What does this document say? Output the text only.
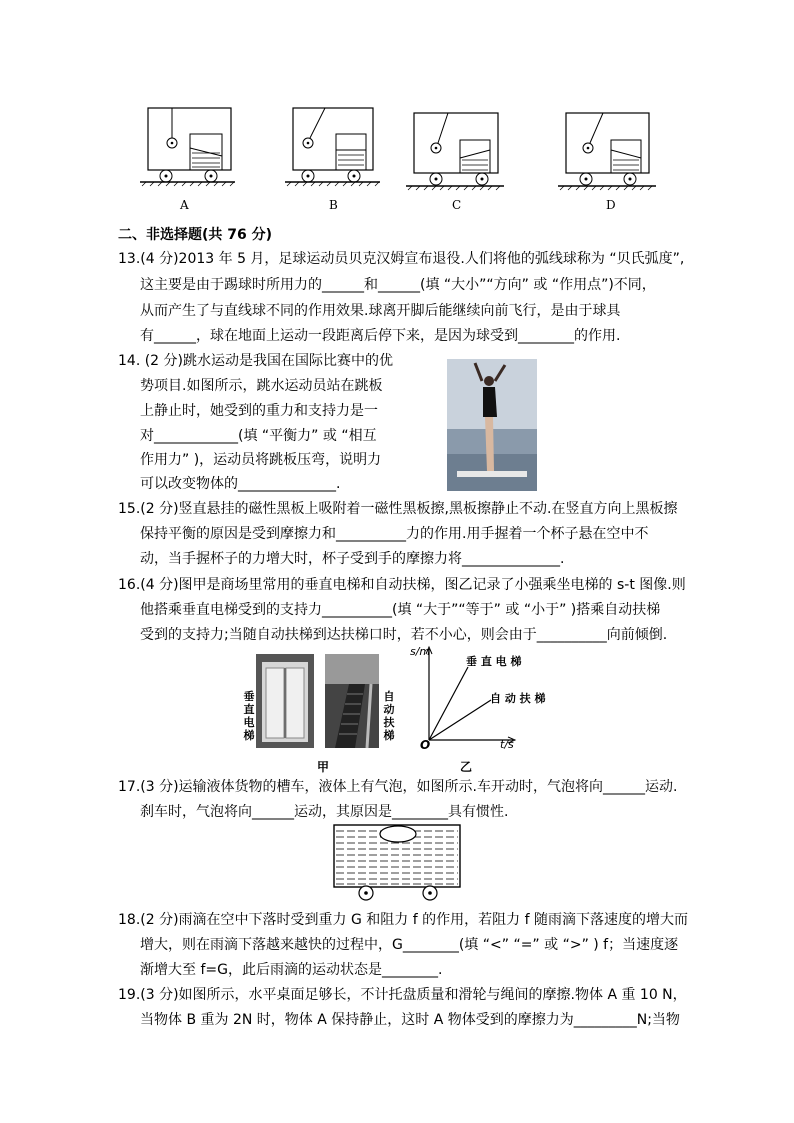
A	B	C	D
二、非选择题(共 76 分)
13.(4 分)2013 年 5 月，足球运动员贝克汉姆宣布退役.人们将他的弧线球称为 “贝氏弧度”,
这主要是由于踢球时所用力的______和______(填 “大小”“方向” 或 “作用点”)不同，
从而产生了与直线球不同的作用效果.球离开脚后能继续向前飞行，是由于球具
有______，球在地面上运动一段距离后停下来，是因为球受到________的作用.
14. (2 分)跳水运动是我国在国际比赛中的优
势项目.如图所示，跳水运动员站在跳板
上静止时，她受到的重力和支持力是一
对____________(填 “平衡力” 或 “相互
作用力” )，运动员将跳板压弯，说明力
可以改变物体的______________.
15.(2 分)竖直悬挂的磁性黑板上吸附着一磁性黑板擦,黑板擦静止不动.在竖直方向上黑板擦
保持平衡的原因是受到摩擦力和__________力的作用.用手握着一个杯子悬在空中不
动，当手握杯子的力增大时，杯子受到手的摩擦力将______________.
16.(4 分)图甲是商场里常用的垂直电梯和自动扶梯，图乙记录了小强乘坐电梯的 s-t 图像.则
他搭乘垂直电梯受到的支持力__________(填 “大于”“等于” 或 “小于” )搭乘自动扶梯
受到的支持力;当随自动扶梯到达扶梯口时，若不小心，则会由于__________向前倾倒.
垂直电梯
自动扶梯
甲
s/m
垂 直 电 梯
自 动 扶 梯
O	t/s
乙
17.(3 分)运输液体货物的槽车，液体上有气泡，如图所示.车开动时，气泡将向______运动.
刹车时，气泡将向______运动，其原因是________具有惯性.
18.(2 分)雨滴在空中下落时受到重力 G 和阻力 f 的作用，若阻力 f 随雨滴下落速度的增大而
增大，则在雨滴下落越来越快的过程中，G________(填 “<” “=” 或 “>” ) f；当速度逐
渐增大至 f=G，此后雨滴的运动状态是________.
19.(3 分)如图所示，水平桌面足够长，不计托盘质量和滑轮与绳间的摩擦.物体 A 重 10 N，
当物体 B 重为 2N 时，物体 A 保持静止，这时 A 物体受到的摩擦力为_________N;当物
